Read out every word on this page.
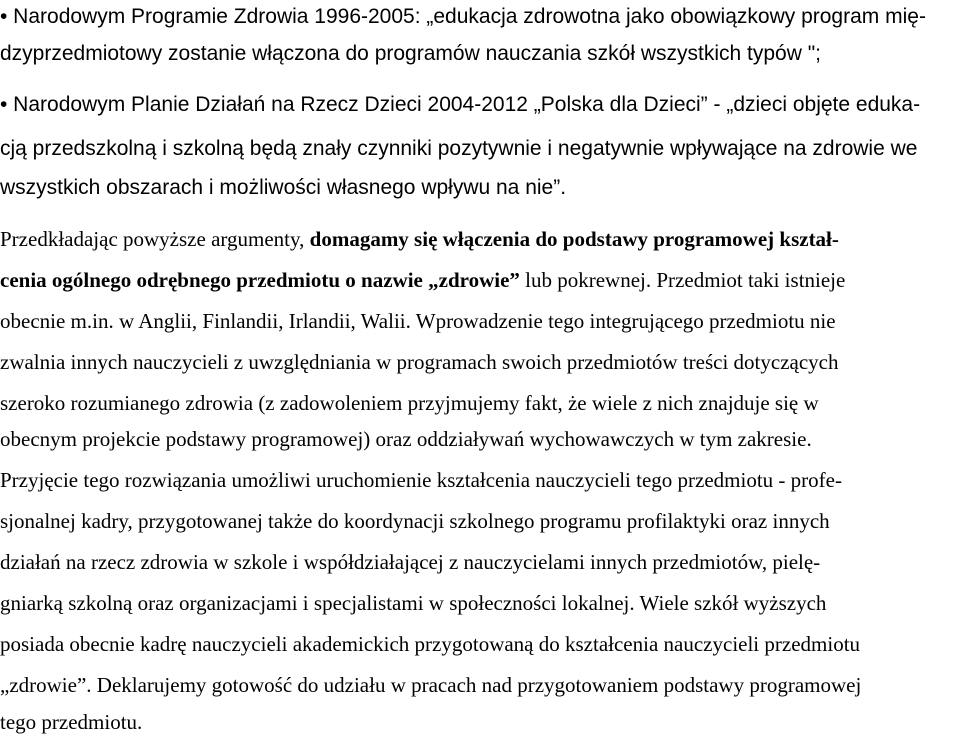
• Narodowym Programie Zdrowia 1996-2005: „edukacja zdrowotna jako obowiązkowy program mię-
dzyprzedmiotowy zostanie włączona do programów nauczania szkół wszystkich typów ";
• Narodowym Planie Działań na Rzecz Dzieci 2004-2012 „Polska dla Dzieci” - „dzieci objęte eduka-
cją przedszkolną i szkolną będą znały czynniki pozytywnie i negatywnie wpływające na zdrowie we
wszystkich obszarach i możliwości własnego wpływu na nie”.
Przedkładając powyższe argumenty, domagamy się włączenia do podstawy programowej kształ-
cenia ogólnego odrębnego przedmiotu o nazwie „zdrowie” lub pokrewnej. Przedmiot taki istnieje
obecnie m.in. w Anglii, Finlandii, Irlandii, Walii. Wprowadzenie tego integrującego przedmiotu nie
zwalnia innych nauczycieli z uwzględniania w programach swoich przedmiotów treści dotyczących
szeroko rozumianego zdrowia (z zadowoleniem przyjmujemy fakt, że wiele z nich znajduje się w
obecnym projekcie podstawy programowej) oraz oddziaływań wychowawczych w tym zakresie.
Przyjęcie tego rozwiązania umożliwi uruchomienie kształcenia nauczycieli tego przedmiotu - profe-
sjonalnej kadry, przygotowanej także do koordynacji szkolnego programu profilaktyki oraz innych
działań na rzecz zdrowia w szkole i współdziałającej z nauczycielami innych przedmiotów, pielę-
gniarką szkolną oraz organizacjami i specjalistami w społeczności lokalnej. Wiele szkół wyższych
posiada obecnie kadrę nauczycieli akademickich przygotowaną do kształcenia nauczycieli przedmiotu
„zdrowie”. Deklarujemy gotowość do udziału w pracach nad przygotowaniem podstawy programowej
tego przedmiotu.
